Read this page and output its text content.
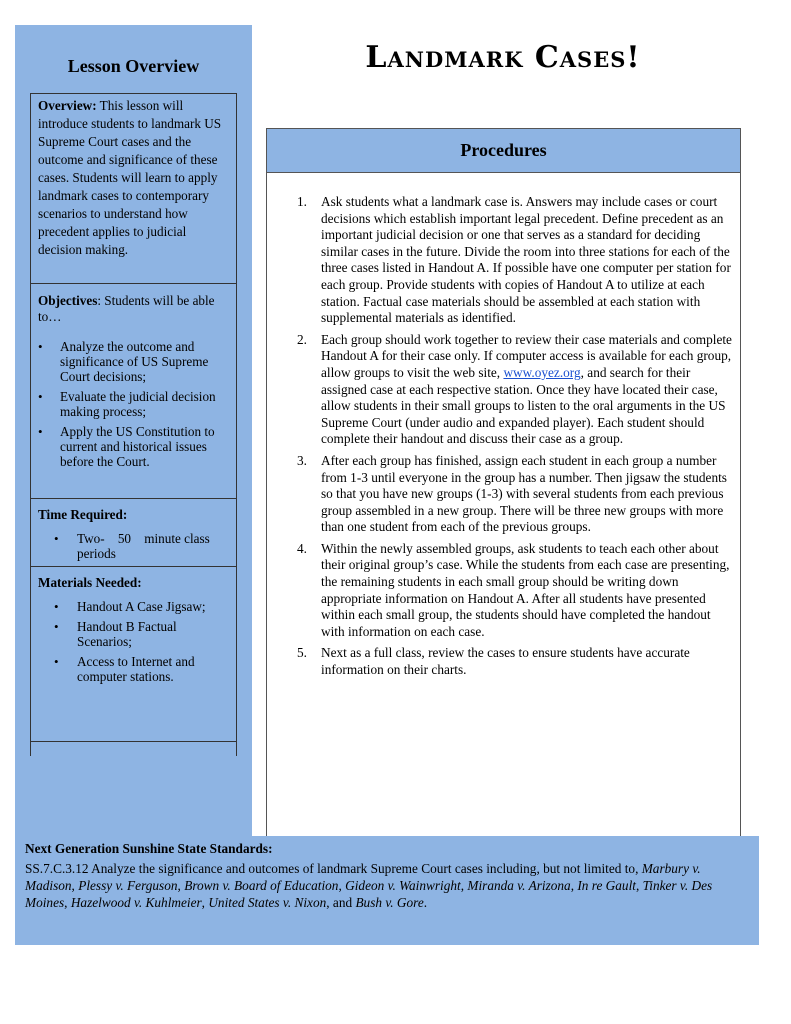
Lesson Overview
Overview: This lesson will introduce students to landmark US Supreme Court cases and the outcome and significance of these cases. Students will learn to apply landmark cases to contemporary scenarios to understand how precedent applies to judicial decision making.
Objectives: Students will be able to…
• Analyze the outcome and significance of US Supreme Court decisions;
• Evaluate the judicial decision making process;
• Apply the US Constitution to current and historical issues before the Court.
Time Required:
• Two-    50    minute class periods
Materials Needed:
• Handout A Case Jigsaw;
• Handout B Factual Scenarios;
• Access to Internet and computer stations.
Landmark Cases!
Procedures
1. Ask students what a landmark case is. Answers may include cases or court decisions which establish important legal precedent. Define precedent as an important judicial decision or one that serves as a standard for deciding similar cases in the future. Divide the room into three stations for each of the three cases listed in Handout A. If possible have one computer per station for each group. Provide students with copies of Handout A to utilize at each station. Factual case materials should be assembled at each station with supplemental materials as identified.
2. Each group should work together to review their case materials and complete Handout A for their case only. If computer access is available for each group, allow groups to visit the web site, www.oyez.org, and search for their assigned case at each respective station. Once they have located their case, allow students in their small groups to listen to the oral arguments in the US Supreme Court (under audio and expanded player). Each student should complete their handout and discuss their case as a group.
3. After each group has finished, assign each student in each group a number from 1-3 until everyone in the group has a number. Then jigsaw the students so that you have new groups (1-3) with several students from each previous group assembled in a new group. There will be three new groups with more than one student from each of the previous groups.
4. Within the newly assembled groups, ask students to teach each other about their original group’s case. While the students from each case are presenting, the remaining students in each small group should be writing down appropriate information on Handout A. After all students have presented within each small group, the students should have completed the handout with information on each case.
5. Next as a full class, review the cases to ensure students have accurate information on their charts.
Next Generation Sunshine State Standards:
SS.7.C.3.12 Analyze the significance and outcomes of landmark Supreme Court cases including, but not limited to, Marbury v. Madison, Plessy v. Ferguson, Brown v. Board of Education, Gideon v. Wainwright, Miranda v. Arizona, In re Gault, Tinker v. Des Moines, Hazelwood v. Kuhlmeier, United States v. Nixon, and Bush v. Gore.
